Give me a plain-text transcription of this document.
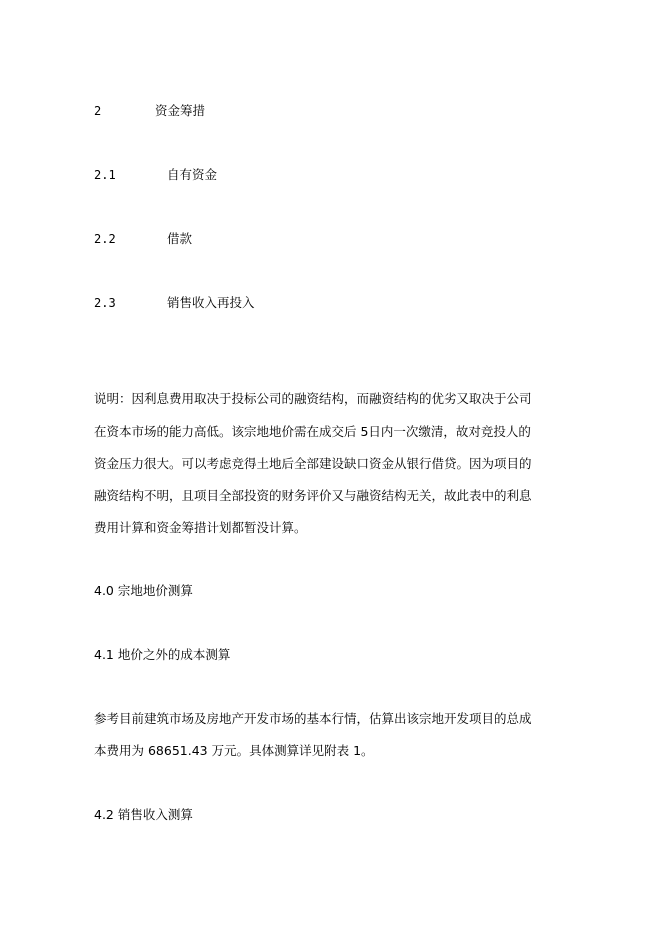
2	资金筹措
2.1	自有资金
2.2	借款
2.3	销售收入再投入
说明：因利息费用取决于投标公司的融资结构，而融资结构的优劣又取决于公司
在资本市场的能力高低。该宗地地价需在成交后 5日内一次缴清，故对竞投人的
资金压力很大。可以考虑竞得土地后全部建设缺口资金从银行借贷。因为项目的
融资结构不明，且项目全部投资的财务评价又与融资结构无关，故此表中的利息
费用计算和资金筹措计划都暂没计算。
4.0 宗地地价测算
4.1 地价之外的成本测算
参考目前建筑市场及房地产开发市场的基本行情，估算出该宗地开发项目的总成
本费用为 68651.43 万元。具体测算详见附表 1。
4.2 销售收入测算
